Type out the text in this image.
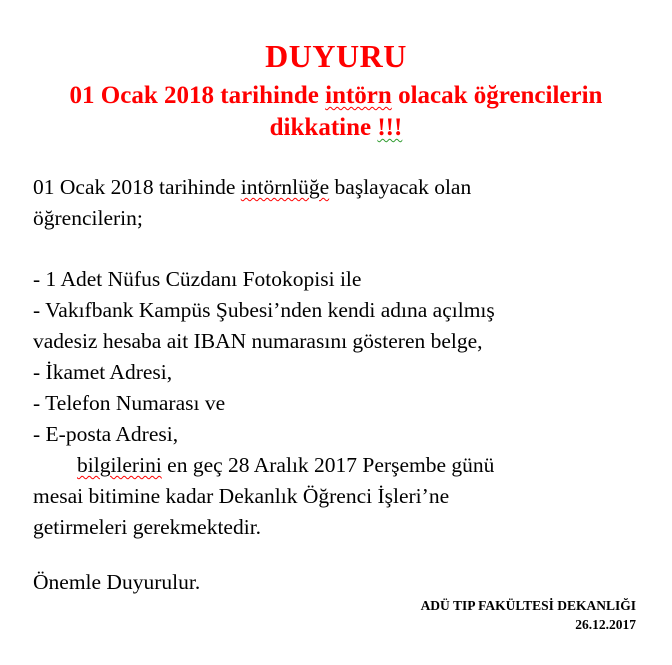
DUYURU
01 Ocak 2018 tarihinde intörn olacak öğrencilerin
dikkatine !!!
01 Ocak 2018 tarihinde intörnlüğe başlayacak olan
öğrencilerin;
- 1 Adet Nüfus Cüzdanı Fotokopisi ile
- Vakıfbank Kampüs Şubesi’nden kendi adına açılmış
vadesiz hesaba ait IBAN numarasını gösteren belge,
- İkamet Adresi,
- Telefon Numarası ve
- E-posta Adresi,
bilgilerini en geç 28 Aralık 2017 Perşembe günü
mesai bitimine kadar Dekanlık Öğrenci İşleri’ne
getirmeleri gerekmektedir.
Önemle Duyurulur.
ADÜ TIP FAKÜLTESİ DEKANLIĞI
26.12.2017
